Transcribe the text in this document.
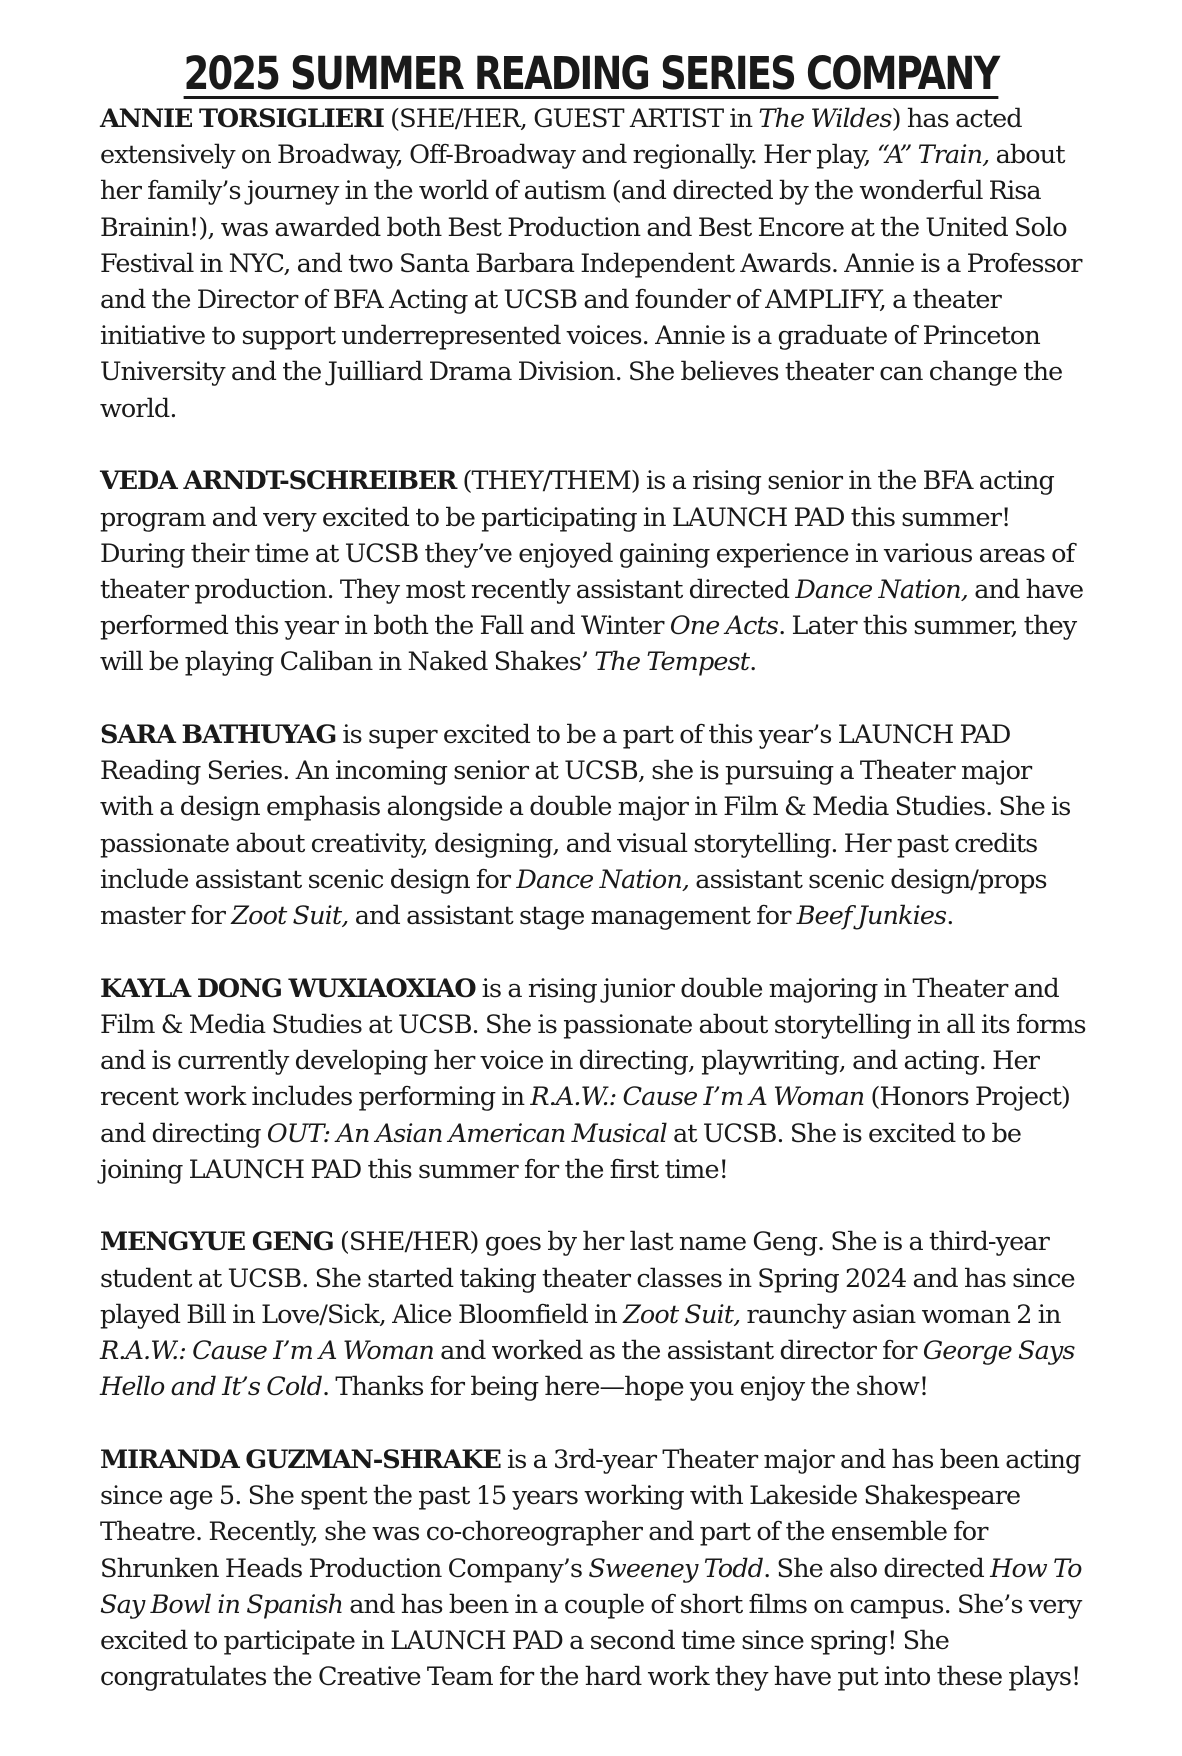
2025 SUMMER READING SERIES COMPANY

ANNIE TORSIGLIERI (SHE/HER, GUEST ARTIST in The Wildes) has acted extensively on Broadway, Off-Broadway and regionally. Her play, “A” Train, about her family’s journey in the world of autism (and directed by the wonderful Risa Brainin!), was awarded both Best Production and Best Encore at the United Solo Festival in NYC, and two Santa Barbara Independent Awards. Annie is a Professor and the Director of BFA Acting at UCSB and founder of AMPLIFY, a theater initiative to support underrepresented voices. Annie is a graduate of Princeton University and the Juilliard Drama Division. She believes theater can change the world.

VEDA ARNDT-SCHREIBER (THEY/THEM) is a rising senior in the BFA acting program and very excited to be participating in LAUNCH PAD this summer! During their time at UCSB they’ve enjoyed gaining experience in various areas of theater production. They most recently assistant directed Dance Nation, and have performed this year in both the Fall and Winter One Acts. Later this summer, they will be playing Caliban in Naked Shakes’ The Tempest.

SARA BATHUYAG is super excited to be a part of this year’s LAUNCH PAD Reading Series. An incoming senior at UCSB, she is pursuing a Theater major with a design emphasis alongside a double major in Film & Media Studies. She is passionate about creativity, designing, and visual storytelling. Her past credits include assistant scenic design for Dance Nation, assistant scenic design/props master for Zoot Suit, and assistant stage management for Beef Junkies.

KAYLA DONG WUXIAOXIAO is a rising junior double majoring in Theater and Film & Media Studies at UCSB. She is passionate about storytelling in all its forms and is currently developing her voice in directing, playwriting, and acting. Her recent work includes performing in R.A.W.: Cause I’m A Woman (Honors Project) and directing OUT: An Asian American Musical at UCSB. She is excited to be joining LAUNCH PAD this summer for the first time!

MENGYUE GENG (SHE/HER) goes by her last name Geng. She is a third-year student at UCSB. She started taking theater classes in Spring 2024 and has since played Bill in Love/Sick, Alice Bloomfield in Zoot Suit, raunchy asian woman 2 in R.A.W.: Cause I’m A Woman and worked as the assistant director for George Says Hello and It’s Cold. Thanks for being here—hope you enjoy the show!

MIRANDA GUZMAN-SHRAKE is a 3rd-year Theater major and has been acting since age 5. She spent the past 15 years working with Lakeside Shakespeare Theatre. Recently, she was co-choreographer and part of the ensemble for Shrunken Heads Production Company’s Sweeney Todd. She also directed How To Say Bowl in Spanish and has been in a couple of short films on campus. She’s very excited to participate in LAUNCH PAD a second time since spring! She congratulates the Creative Team for the hard work they have put into these plays!
